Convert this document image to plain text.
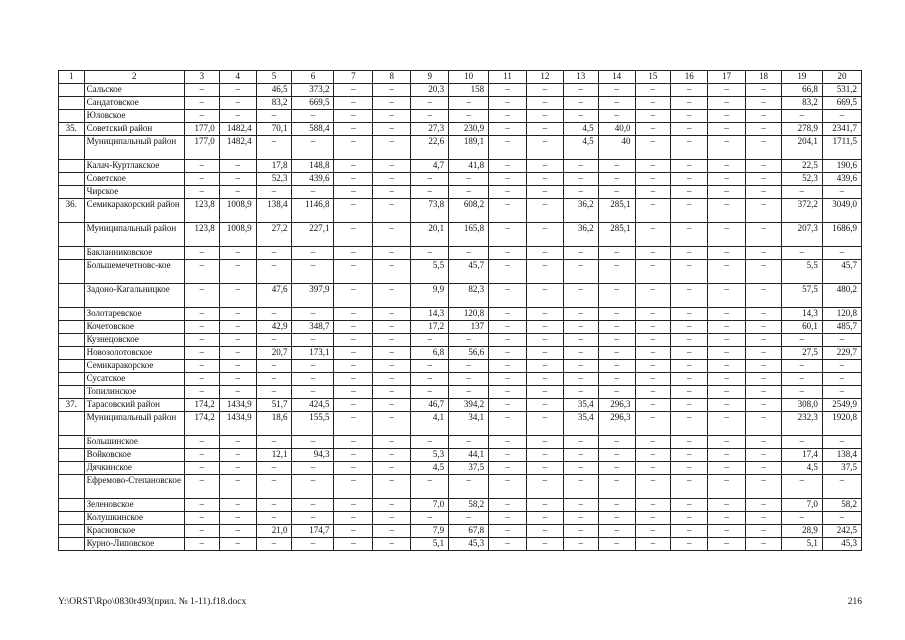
1	2	3	4	5	6	7	8	9	10	11	12	13	14	15	16	17	18	19	20
	Сальское	–	–	46,5	373,2	–	–	20,3	158	–	–	–	–	–	–	–	–	66,8	531,2
	Сандатовское	–	–	83,2	669,5	–	–	–	–	–	–	–	–	–	–	–	–	83,2	669,5
	Юловское	–	–	–	–	–	–	–	–	–	–	–	–	–	–	–	–	–	–
35.	Советский район	177,0	1482,4	70,1	588,4	–	–	27,3	230,9	–	–	4,5	40,0	–	–	–	–	278,9	2341,7
	Муниципальный район	177,0	1482,4	–	–	–	–	22,6	189,1	–	–	4,5	40	–	–	–	–	204,1	1711,5
	Калач-Куртлакское	–	–	17,8	148,8	–	–	4,7	41,8	–	–	–	–	–	–	–	–	22,5	190,6
	Советское	–	–	52,3	439,6	–	–	–	–	–	–	–	–	–	–	–	–	52,3	439,6
	Чирское	–	–	–	–	–	–	–	–	–	–	–	–	–	–	–	–	–	–
36.	Семикаракорский район	123,8	1008,9	138,4	1146,8	–	–	73,8	608,2	–	–	36,2	285,1	–	–	–	–	372,2	3049,0
	Муниципальный район	123,8	1008,9	27,2	227,1	–	–	20,1	165,8	–	–	36,2	285,1	–	–	–	–	207,3	1686,9
	Бакланниковское	–	–	–	–	–	–	–	–	–	–	–	–	–	–	–	–	–	–
	Большемечетновс-кое	–	–	–	–	–	–	5,5	45,7	–	–	–	–	–	–	–	–	5,5	45,7
	Задоно-Кагальницкое	–	–	47,6	397,9	–	–	9,9	82,3	–	–	–	–	–	–	–	–	57,5	480,2
	Золотаревское	–	–	–	–	–	–	14,3	120,8	–	–	–	–	–	–	–	–	14,3	120,8
	Кочетовское	–	–	42,9	348,7	–	–	17,2	137	–	–	–	–	–	–	–	–	60,1	485,7
	Кузнецовское	–	–	–	–	–	–	–	–	–	–	–	–	–	–	–	–	–	–
	Новозолотовское	–	–	20,7	173,1	–	–	6,8	56,6	–	–	–	–	–	–	–	–	27,5	229,7
	Семикаракорское	–	–	–	–	–	–	–	–	–	–	–	–	–	–	–	–	–	–
	Сусатское	–	–	–	–	–	–	–	–	–	–	–	–	–	–	–	–	–	–
	Топилинское	–	–	–	–	–	–	–	–	–	–	–	–	–	–	–	–	–	–
37.	Тарасовский район	174,2	1434,9	51,7	424,5	–	–	46,7	394,2	–	–	35,4	296,3	–	–	–	–	308,0	2549,9
	Муниципальный район	174,2	1434,9	18,6	155,5	–	–	4,1	34,1	–	–	35,4	296,3	–	–	–	–	232,3	1920,8
	Большинское	–	–	–	–	–	–	–	–	–	–	–	–	–	–	–	–	–	–
	Войковское	–	–	12,1	94,3	–	–	5,3	44,1	–	–	–	–	–	–	–	–	17,4	138,4
	Дячкинское	–	–	–	–	–	–	4,5	37,5	–	–	–	–	–	–	–	–	4,5	37,5
	Ефремово-Степановское	–	–	–	–	–	–	–	–	–	–	–	–	–	–	–	–	–	–
	Зеленовское	–	–	–	–	–	–	7,0	58,2	–	–	–	–	–	–	–	–	7,0	58,2
	Колушкинское	–	–	–	–	–	–	–	–	–	–	–	–	–	–	–	–	–	–
	Красновское	–	–	21,0	174,7	–	–	7,9	67,8	–	–	–	–	–	–	–	–	28,9	242,5
	Курно-Липовское	–	–	–	–	–	–	5,1	45,3	–	–	–	–	–	–	–	–	5,1	45,3
Y:\ORST\Rpo\0830r493(прил. № 1-11).f18.docx	216
